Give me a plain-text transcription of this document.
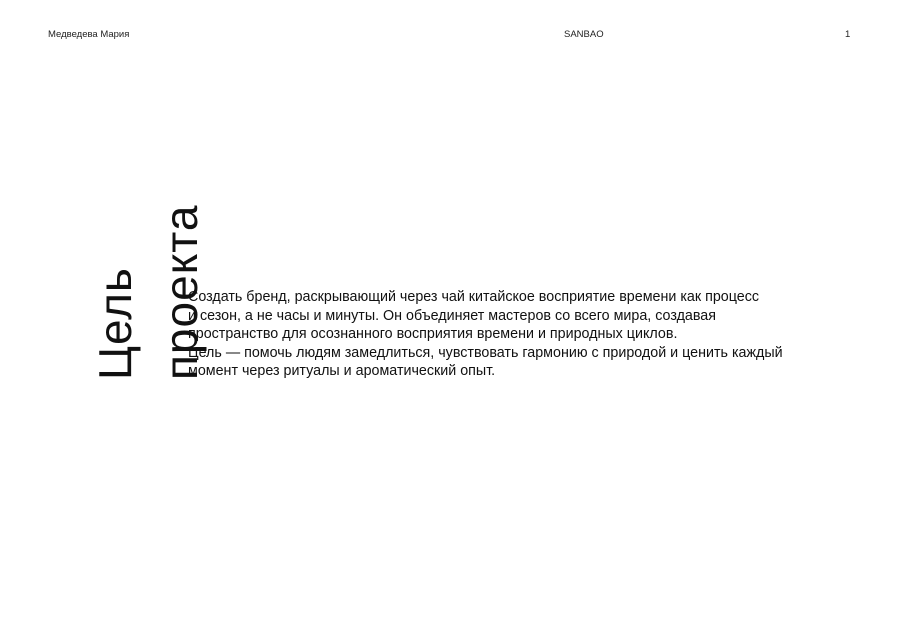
Медведева Мария	SANBAO	1
Цель проекта
Создать бренд, раскрывающий через чай китайское восприятие времени как процесс
и сезон, а не часы и минуты. Он объединяет мастеров со всего мира, создавая
пространство для осознанного восприятия времени и природных циклов.
Цель — помочь людям замедлиться, чувствовать гармонию с природой и ценить каждый
момент через ритуалы и ароматический опыт.
